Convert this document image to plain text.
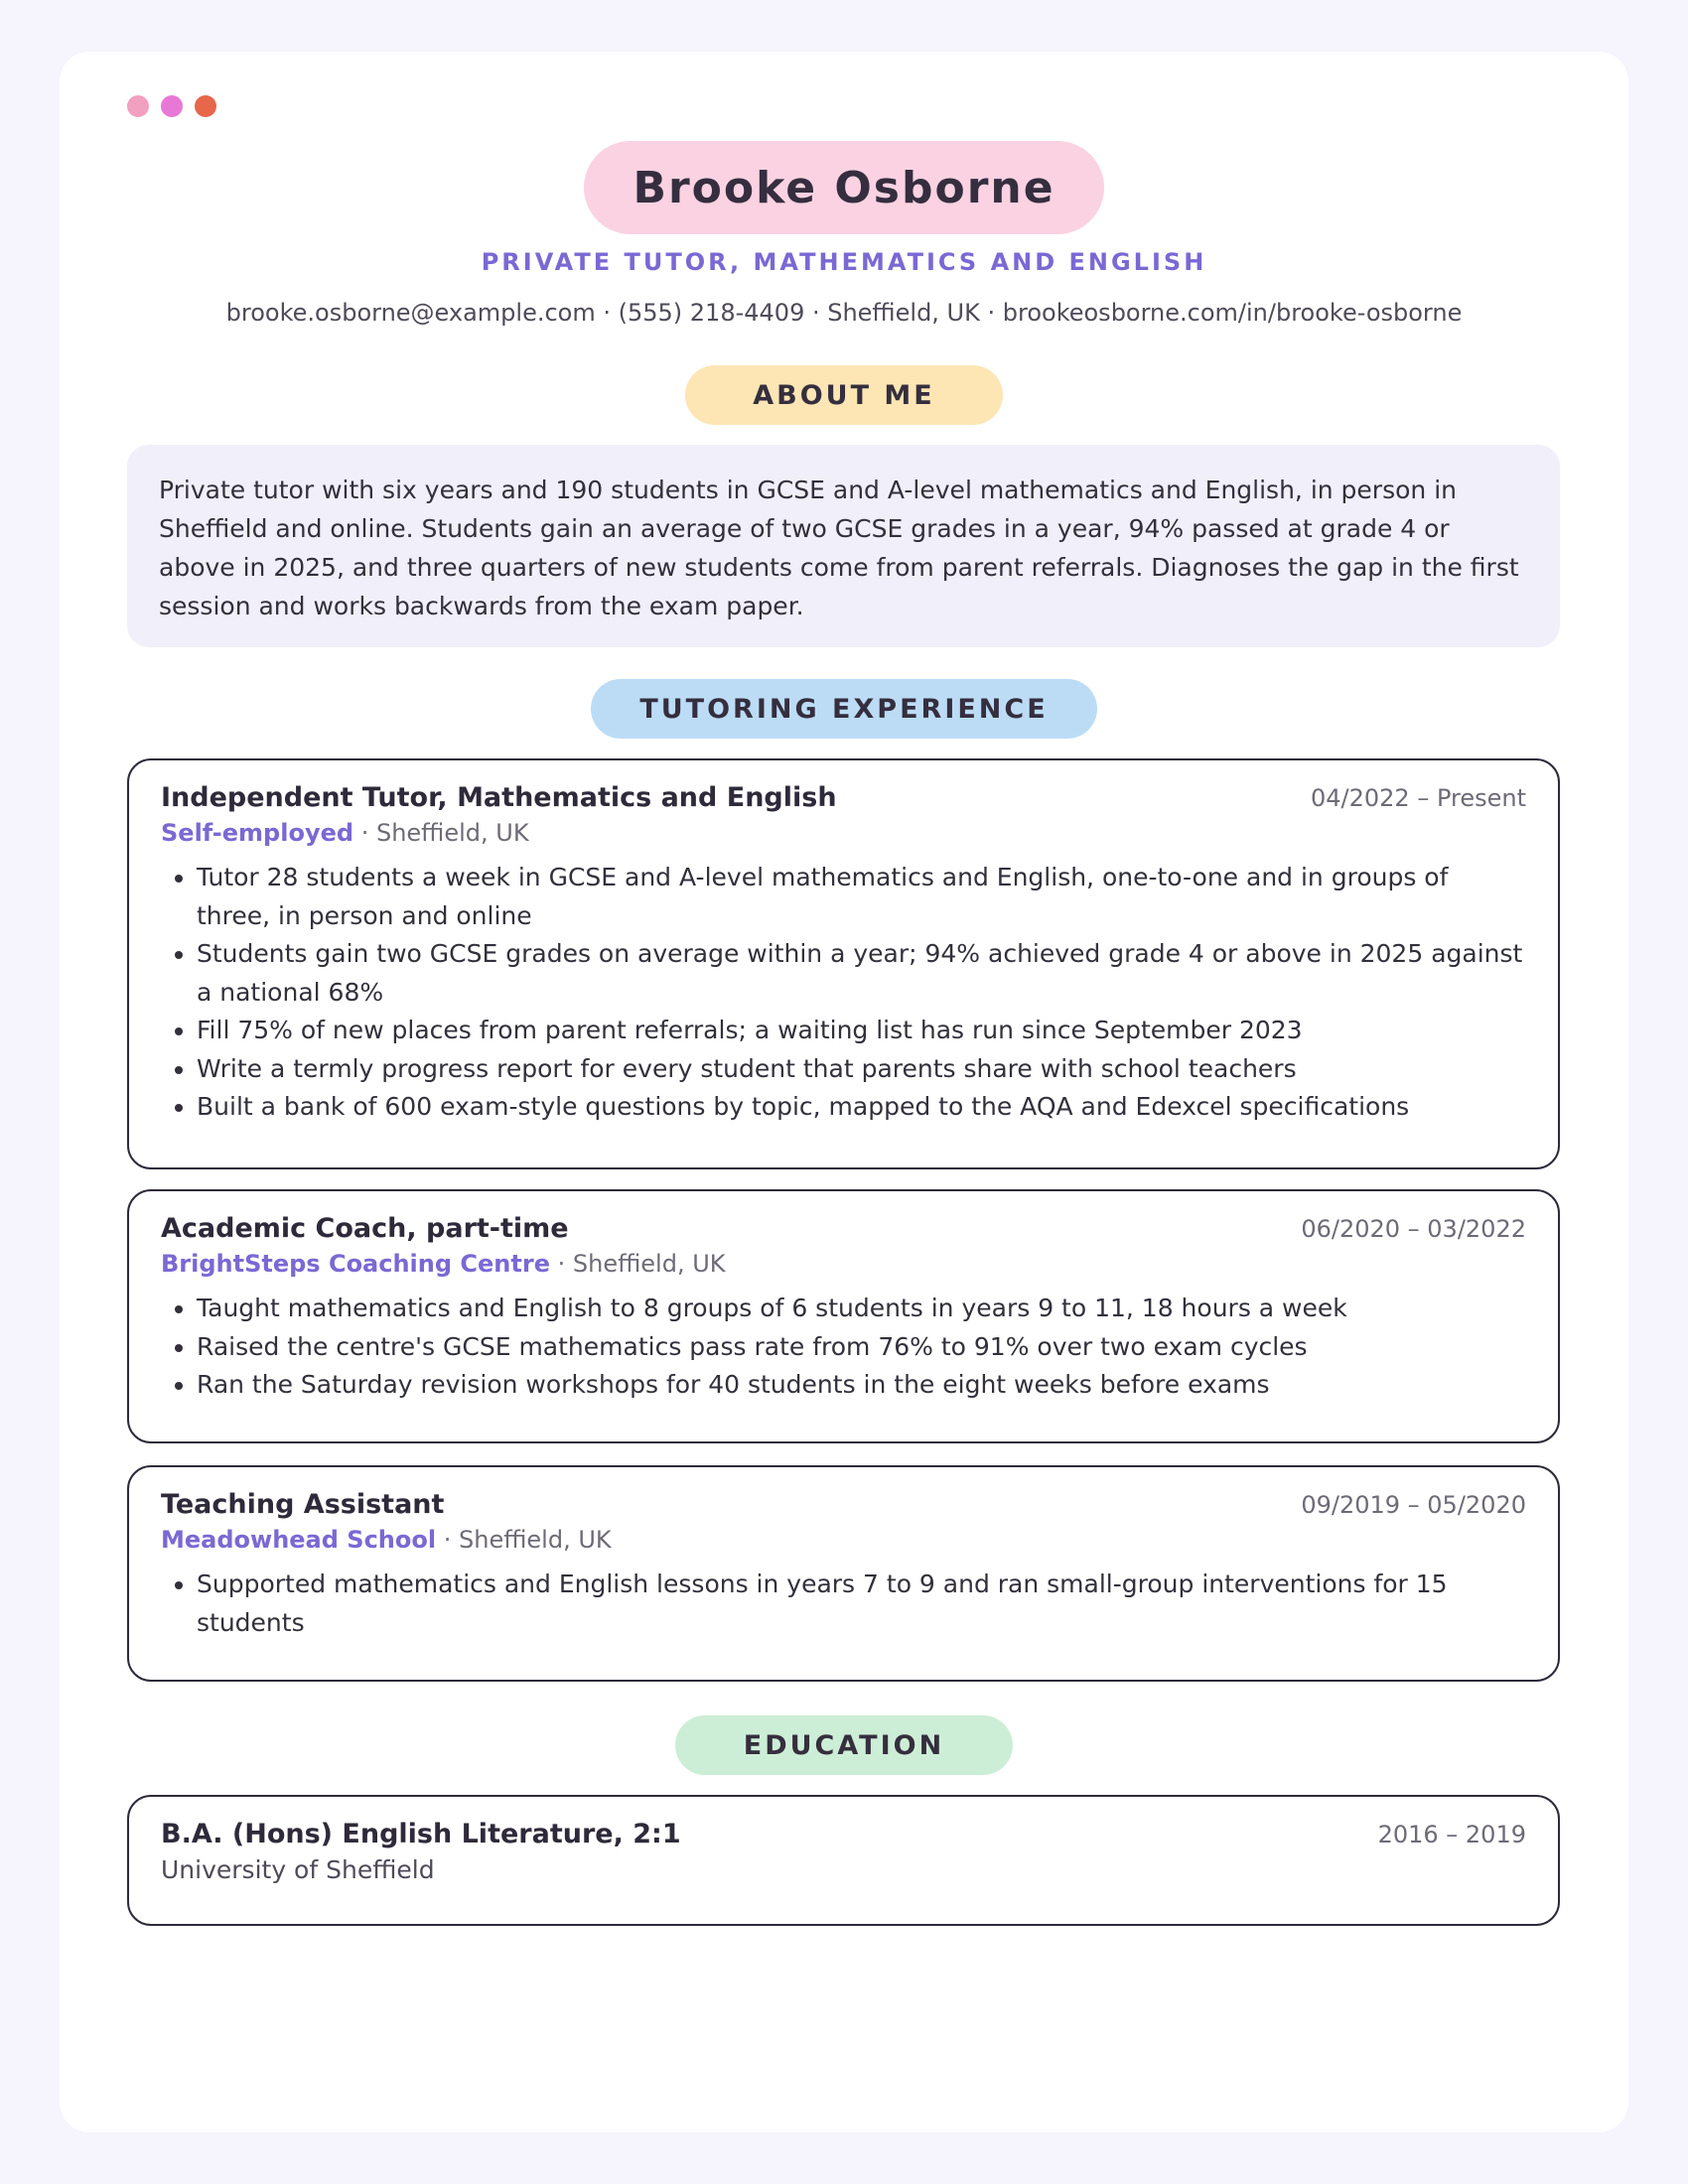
Brooke Osborne
PRIVATE TUTOR, MATHEMATICS AND ENGLISH
brooke.osborne@example.com · (555) 218-4409 · Sheffield, UK · brookeosborne.com/in/brooke-osborne
ABOUT ME
Private tutor with six years and 190 students in GCSE and A-level mathematics and English, in person in Sheffield and online. Students gain an average of two GCSE grades in a year, 94% passed at grade 4 or above in 2025, and three quarters of new students come from parent referrals. Diagnoses the gap in the first session and works backwards from the exam paper.
TUTORING EXPERIENCE
Independent Tutor, Mathematics and English	04/2022 – Present
Self-employed · Sheffield, UK
• Tutor 28 students a week in GCSE and A-level mathematics and English, one-to-one and in groups of three, in person and online
• Students gain two GCSE grades on average within a year; 94% achieved grade 4 or above in 2025 against a national 68%
• Fill 75% of new places from parent referrals; a waiting list has run since September 2023
• Write a termly progress report for every student that parents share with school teachers
• Built a bank of 600 exam-style questions by topic, mapped to the AQA and Edexcel specifications
Academic Coach, part-time	06/2020 – 03/2022
BrightSteps Coaching Centre · Sheffield, UK
• Taught mathematics and English to 8 groups of 6 students in years 9 to 11, 18 hours a week
• Raised the centre's GCSE mathematics pass rate from 76% to 91% over two exam cycles
• Ran the Saturday revision workshops for 40 students in the eight weeks before exams
Teaching Assistant	09/2019 – 05/2020
Meadowhead School · Sheffield, UK
• Supported mathematics and English lessons in years 7 to 9 and ran small-group interventions for 15 students
EDUCATION
B.A. (Hons) English Literature, 2:1	2016 – 2019
University of Sheffield
